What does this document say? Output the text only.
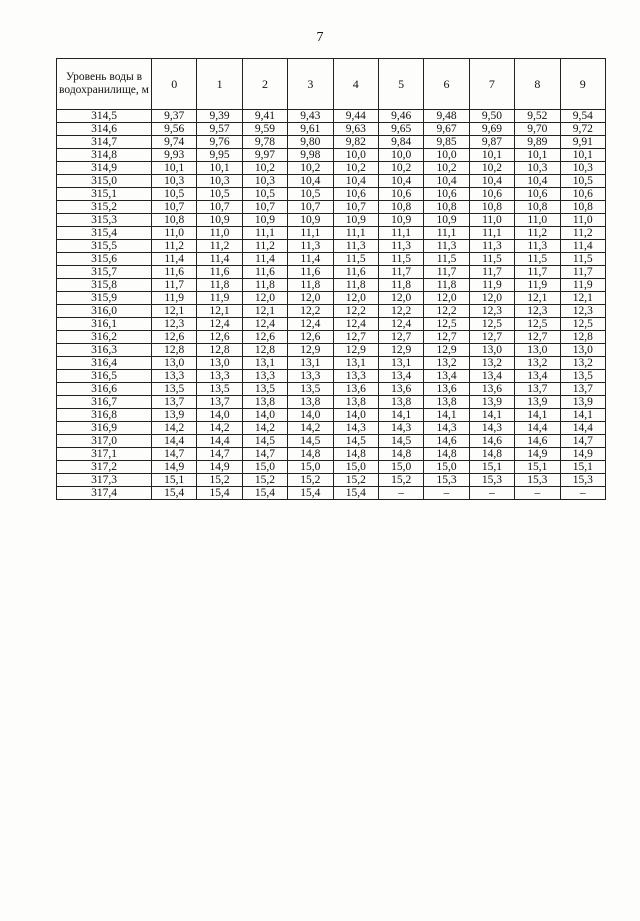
7
Уровень воды в водохранилище, м	0	1	2	3	4	5	6	7	8	9
314,5	9,37	9,39	9,41	9,43	9,44	9,46	9,48	9,50	9,52	9,54
314,6	9,56	9,57	9,59	9,61	9,63	9,65	9,67	9,69	9,70	9,72
314,7	9,74	9,76	9,78	9,80	9,82	9,84	9,85	9,87	9,89	9,91
314,8	9,93	9,95	9,97	9,98	10,0	10,0	10,0	10,1	10,1	10,1
314,9	10,1	10,1	10,2	10,2	10,2	10,2	10,2	10,2	10,3	10,3
315,0	10,3	10,3	10,3	10,4	10,4	10,4	10,4	10,4	10,4	10,5
315,1	10,5	10,5	10,5	10,5	10,6	10,6	10,6	10,6	10,6	10,6
315,2	10,7	10,7	10,7	10,7	10,7	10,8	10,8	10,8	10,8	10,8
315,3	10,8	10,9	10,9	10,9	10,9	10,9	10,9	11,0	11,0	11,0
315,4	11,0	11,0	11,1	11,1	11,1	11,1	11,1	11,1	11,2	11,2
315,5	11,2	11,2	11,2	11,3	11,3	11,3	11,3	11,3	11,3	11,4
315,6	11,4	11,4	11,4	11,4	11,5	11,5	11,5	11,5	11,5	11,5
315,7	11,6	11,6	11,6	11,6	11,6	11,7	11,7	11,7	11,7	11,7
315,8	11,7	11,8	11,8	11,8	11,8	11,8	11,8	11,9	11,9	11,9
315,9	11,9	11,9	12,0	12,0	12,0	12,0	12,0	12,0	12,1	12,1
316,0	12,1	12,1	12,1	12,2	12,2	12,2	12,2	12,3	12,3	12,3
316,1	12,3	12,4	12,4	12,4	12,4	12,4	12,5	12,5	12,5	12,5
316,2	12,6	12,6	12,6	12,6	12,7	12,7	12,7	12,7	12,7	12,8
316,3	12,8	12,8	12,8	12,9	12,9	12,9	12,9	13,0	13,0	13,0
316,4	13,0	13,0	13,1	13,1	13,1	13,1	13,2	13,2	13,2	13,2
316,5	13,3	13,3	13,3	13,3	13,3	13,4	13,4	13,4	13,4	13,5
316,6	13,5	13,5	13,5	13,5	13,6	13,6	13,6	13,6	13,7	13,7
316,7	13,7	13,7	13,8	13,8	13,8	13,8	13,8	13,9	13,9	13,9
316,8	13,9	14,0	14,0	14,0	14,0	14,1	14,1	14,1	14,1	14,1
316,9	14,2	14,2	14,2	14,2	14,3	14,3	14,3	14,3	14,4	14,4
317,0	14,4	14,4	14,5	14,5	14,5	14,5	14,6	14,6	14,6	14,7
317,1	14,7	14,7	14,7	14,8	14,8	14,8	14,8	14,8	14,9	14,9
317,2	14,9	14,9	15,0	15,0	15,0	15,0	15,0	15,1	15,1	15,1
317,3	15,1	15,2	15,2	15,2	15,2	15,2	15,3	15,3	15,3	15,3
317,4	15,4	15,4	15,4	15,4	15,4	–	–	–	–	–
